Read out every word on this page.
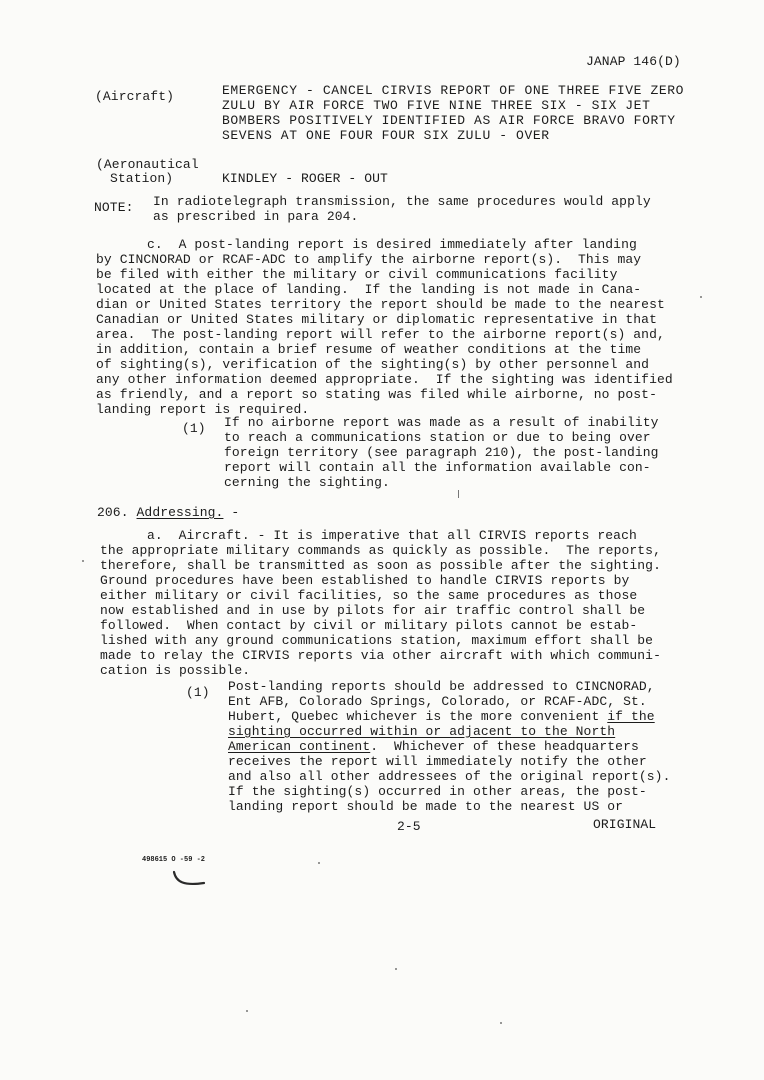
JANAP 146(D)
(Aircraft)	EMERGENCY - CANCEL CIRVIS REPORT OF ONE THREE FIVE ZERO
ZULU BY AIR FORCE TWO FIVE NINE THREE SIX - SIX JET
BOMBERS POSITIVELY IDENTIFIED AS AIR FORCE BRAVO FORTY
SEVENS AT ONE FOUR FOUR SIX ZULU - OVER
(Aeronautical
Station)	KINDLEY - ROGER - OUT
NOTE: In radiotelegraph transmission, the same procedures would apply
as prescribed in para 204.
c.  A post-landing report is desired immediately after landing
by CINCNORAD or RCAF-ADC to amplify the airborne report(s).  This may
be filed with either the military or civil communications facility
located at the place of landing.  If the landing is not made in Cana-
dian or United States territory the report should be made to the nearest
Canadian or United States military or diplomatic representative in that
area.  The post-landing report will refer to the airborne report(s) and,
in addition, contain a brief resume of weather conditions at the time
of sighting(s), verification of the sighting(s) by other personnel and
any other information deemed appropriate.  If the sighting was identified
as friendly, and a report so stating was filed while airborne, no post-
landing report is required.
(1) If no airborne report was made as a result of inability
to reach a communications station or due to being over
foreign territory (see paragraph 210), the post-landing
report will contain all the information available con-
cerning the sighting.
206. Addressing. -
a.  Aircraft. - It is imperative that all CIRVIS reports reach
the appropriate military commands as quickly as possible.  The reports,
therefore, shall be transmitted as soon as possible after the sighting.
Ground procedures have been established to handle CIRVIS reports by
either military or civil facilities, so the same procedures as those
now established and in use by pilots for air traffic control shall be
followed.  When contact by civil or military pilots cannot be estab-
lished with any ground communications station, maximum effort shall be
made to relay the CIRVIS reports via other aircraft with which communi-
cation is possible.
(1) Post-landing reports should be addressed to CINCNORAD,
Ent AFB, Colorado Springs, Colorado, or RCAF-ADC, St.
Hubert, Quebec whichever is the more convenient if the
sighting occurred within or adjacent to the North
American continent.  Whichever of these headquarters
receives the report will immediately notify the other
and also all other addressees of the original report(s).
If the sighting(s) occurred in other areas, the post-
landing report should be made to the nearest US or
2-5	ORIGINAL
498615 O -59 -2
